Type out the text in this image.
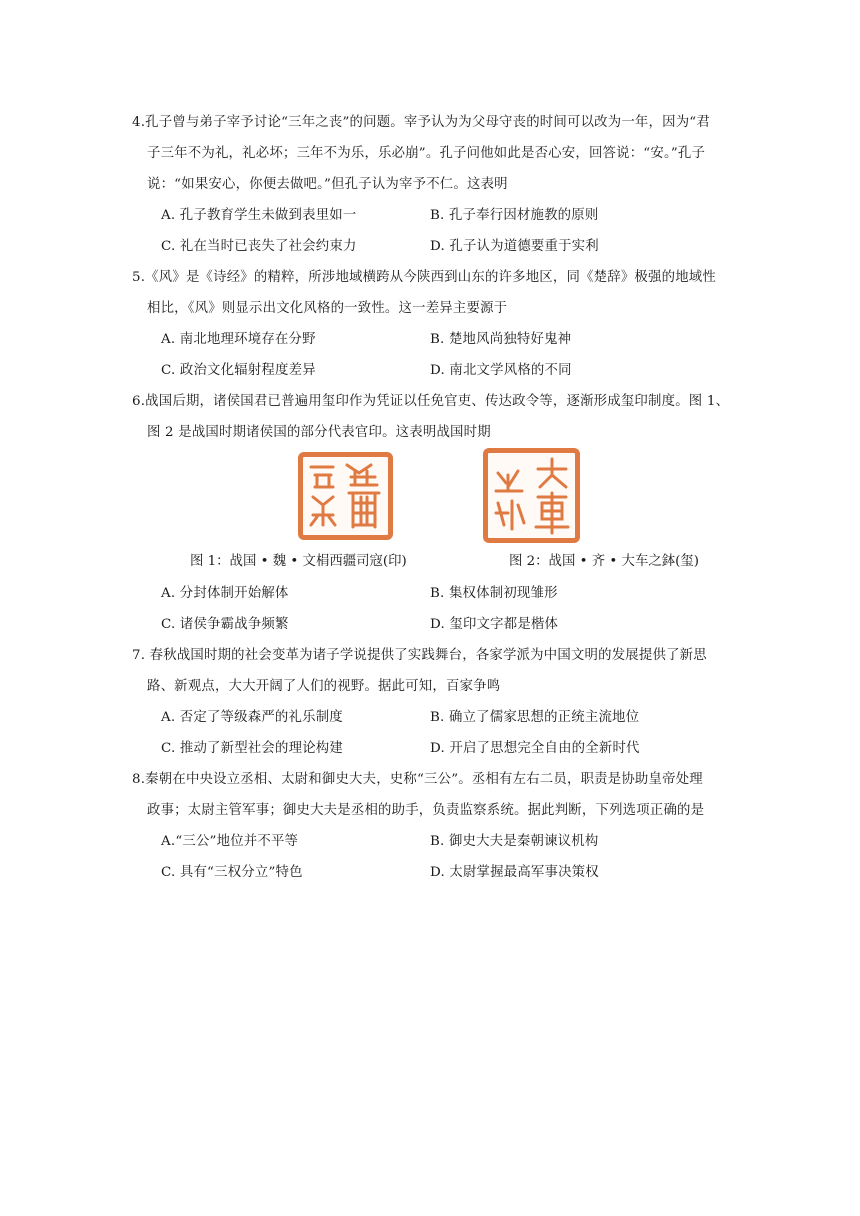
4.孔子曾与弟子宰予讨论“三年之丧”的问题。宰予认为为父母守丧的时间可以改为一年，因为“君
子三年不为礼，礼必坏；三年不为乐，乐必崩”。孔子问他如此是否心安，回答说：“安。”孔子
说：“如果安心，你便去做吧。”但孔子认为宰予不仁。这表明
A. 孔子教育学生未做到表里如一	B. 孔子奉行因材施教的原则
C. 礼在当时已丧失了社会约束力	D. 孔子认为道德要重于实利
5.《风》是《诗经》的精粹，所涉地域横跨从今陕西到山东的许多地区，同《楚辞》极强的地域性
相比，《风》则显示出文化风格的一致性。这一差异主要源于
A. 南北地理环境存在分野	B. 楚地风尚独特好鬼神
C. 政治文化辐射程度差异	D. 南北文学风格的不同
6.战国后期，诸侯国君已普遍用玺印作为凭证以任免官吏、传达政令等，逐渐形成玺印制度。图 1、
图 2 是战国时期诸侯国的部分代表官印。这表明战国时期
图 1：战国 • 魏 • 文梋西疆司寇(印)	图 2：战国 • 齐 • 大车之鉢(玺)
A. 分封体制开始解体	B. 集权体制初现雏形
C. 诸侯争霸战争频繁	D. 玺印文字都是楷体
7. 春秋战国时期的社会变革为诸子学说提供了实践舞台，各家学派为中国文明的发展提供了新思
路、新观点，大大开阔了人们的视野。据此可知，百家争鸣
A. 否定了等级森严的礼乐制度	B. 确立了儒家思想的正统主流地位
C. 推动了新型社会的理论构建	D. 开启了思想完全自由的全新时代
8.秦朝在中央设立丞相、太尉和御史大夫，史称“三公”。丞相有左右二员，职责是协助皇帝处理
政事；太尉主管军事；御史大夫是丞相的助手，负责监察系统。据此判断，下列选项正确的是
A.“三公”地位并不平等	B. 御史大夫是秦朝谏议机构
C. 具有“三权分立”特色	D. 太尉掌握最高军事决策权
